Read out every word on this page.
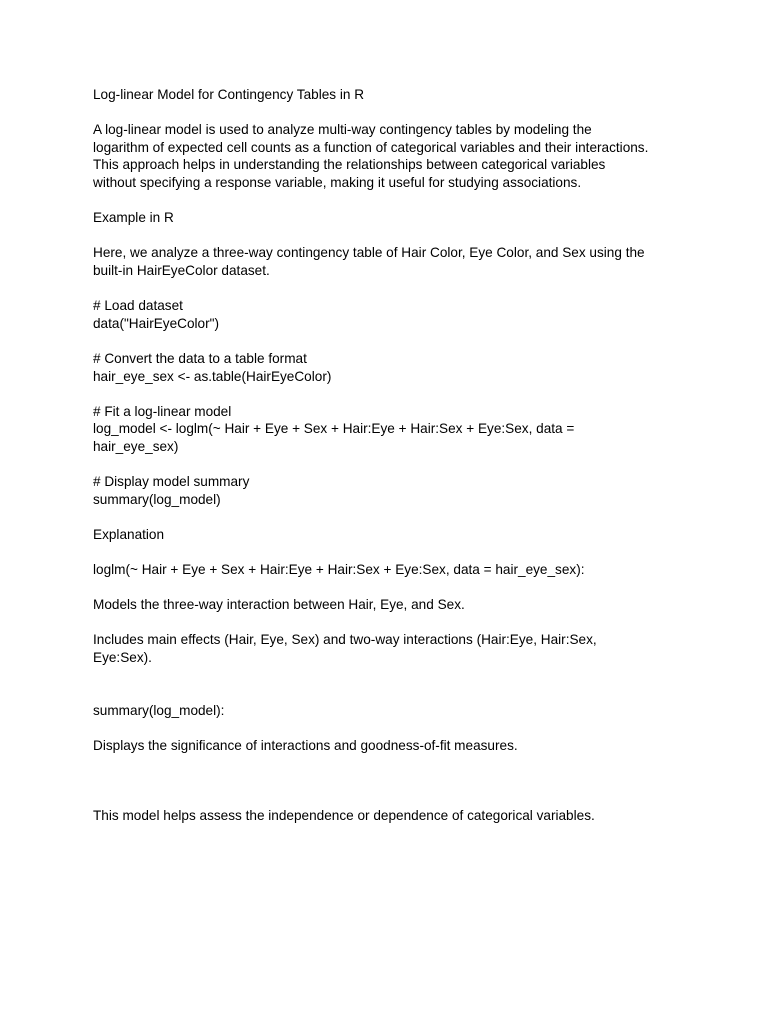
Log-linear Model for Contingency Tables in R
A log-linear model is used to analyze multi-way contingency tables by modeling the
logarithm of expected cell counts as a function of categorical variables and their interactions.
This approach helps in understanding the relationships between categorical variables
without specifying a response variable, making it useful for studying associations.
Example in R
Here, we analyze a three-way contingency table of Hair Color, Eye Color, and Sex using the
built-in HairEyeColor dataset.
# Load dataset
data("HairEyeColor")
# Convert the data to a table format
hair_eye_sex <- as.table(HairEyeColor)
# Fit a log-linear model
log_model <- loglm(~ Hair + Eye + Sex + Hair:Eye + Hair:Sex + Eye:Sex, data =
hair_eye_sex)
# Display model summary
summary(log_model)
Explanation
loglm(~ Hair + Eye + Sex + Hair:Eye + Hair:Sex + Eye:Sex, data = hair_eye_sex):
Models the three-way interaction between Hair, Eye, and Sex.
Includes main effects (Hair, Eye, Sex) and two-way interactions (Hair:Eye, Hair:Sex,
Eye:Sex).
summary(log_model):
Displays the significance of interactions and goodness-of-fit measures.
This model helps assess the independence or dependence of categorical variables.
